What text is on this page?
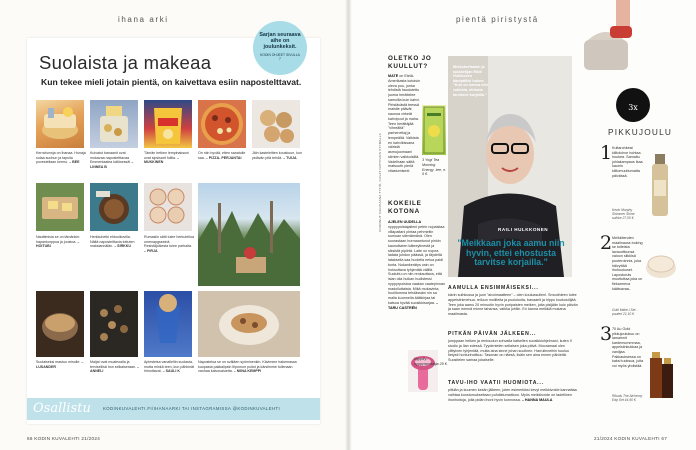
ihana arki
Suolaista ja makeaa
Kun tekee mieli jotain pientä, on kaivettava esiin napostelttavat.
Kerrahunnja on ihanaa. Hunaja sulaa suuhun ja tapuila puvestellaan kermo. – BEE
Kuivatut banaanit ovat mukavaa napostelttavaa Emmentaalea kätösessä! – LINNEA B
Tämän hetken lempinaksuni ovat sipsisarit fulilla. – MUKKINEN
On niin hyvää, etten sanatuile saa. – PIZZA- PERJANTAI
Jäin kasteleitten kouskuun, kun ystävän pitä tehdä. – TUIJA
Nauttimisia se on tämänkin: hapankorppua ja juustoa. – HOITUBI
Herkkuhetki ehtoolkovilla. Näitä napostelttavia tottuten maksiannälän. – SIRKKU
Rumasiin sätti tulee herkutellua omenapgsseinä. Resistäjoikesta tulee parhaita. – PIRJA
Suolaiseksi mastuu minulle. – LUSANDER
Maljat ovat mualeoalla ja tervisellisä hon selkaiseraan. – ANNELI
Aplesteisa vanalleltin suolasta, mutta minkä teen, kun pähkinät himottavat. – SAULI K
Napostelua se on sväläen syöminenkin. Kävimme hakemassa kuopasta pakkalipsin tilpomon puitot ja kärsiimme tullenaan vanhaa kaivosaluetta. – NIINA KEMPPI
Sarjan seuraava aihe on joulunkeksit.
KODIN OHJEET SIVULLA 7
Osallistu	KODINKUVALEHTI.FI/IHANAARKI TAI INSTAGRAMISSA @KODINKUVALEHTI
66 KODIN KUVALEHTI 21/2024
pientä piristystä
OLETKO JO KUULLUT?
MATÉ on Etelä-Amerikasta kotoisin oleva puu, jonka lehdistä haudutettu juoma herättelee samoilla kuin kahvi. Piristävästä teessä maistie pitävät saunoa virkeät kahvipuut ja maha. Teen herättäjää "vihreältä" parhenettaj ja lempeältä. Valkista en kahvikissana väiristä asmujuomaani silmien valkkuisiltä. Vadelhaan sättä matsuuth pieriä vitastumiseel.
3 Yogi Tea Morning Energy -tee, n. 5 €.
KOKEILE KOTONA
AJELEN UUDELLA nyppypoistajalleni petrin nopaistaa villapaitani pintaa pehmeitin sumuan silentämänä. Olen suorastaan hurmaantunut pinkin kaunottaren käteeytinestä ja siksistä pipiirtä. Laite on nopea ladata johdon päässä, ja täydeltä lataksella saa huolella nelua paidi tunta. Nukankerätys vain on hoksottava tyhjentää välillä. Suoluttu on niin renkauttava, että isian olla huikan hudistessi nyppyrpoistoa vaakan vaatepinnan madolluttaista. Mikä mukavinta, huolitomma tehdässäni nin sa malla kuunnella ääikkirjaa tai katsoa hyvää suosikkisarjaa. – TARU CASTRÉN
Nyppify-nyppynpoistaja 29 €.
KOONNUT SARIHAANA TYTIÖ, KUVAT NIITTIVAIN STYMALLA
Melkokertaalan ja opiskelijan Raili Hulkkosen äänipälkki hakee: "Kun on hanna niin valkista, ehtoota tarvitsee korjailla."
RAILI HULKKONEN
"Meikkaan joka aamu niin hyvin, ettei ehostusta tarvitse korjailla."
AAMULLA ENSIMMÄISEKSI...
kävin suihkussa ja juon "aivoimaatteen" – olen kouluasulleni. Smoothieen tulee appelsiinimehua, reiluun muiilleita ja puolukoita, banaanit ja hippu kookosöljää. Teen joka aamu 20 minuutin hyvin poripaisten meiken, joita pisijään kolo päivän ja saan mennä minne tahansa, vaikka juhliin. En kanna meikkiä mukana maailmasta.
PITKÄN PÄIVÄN JÄLKEEN...
jumppaan helken ja rentoudun sohvalla katsellen suosikkiohjelmani, kuten X studio ja Ilan edessä. Tyydentelen sellaisen joka päivä. Mooramaal olen ylittyinen tyhjentää, mutta aina sinne johan suolinen. Harrulinneihin kuuluu tietysti honlunhoitkuu. Tasonan on riäesä, ilsäin sen aina ennen päivieltä. Suositelen samaa jokaiselle.
TAVU-IHO VAATII HUOMIOTA...
pitkiän ja kuumen kesän jälkeen, joten esimerkiksi kevyt meikkivoide kannattaa vaihtaa koostumukseltaan puhdistumattoon. Myös meikkivoide on tadellinen ihonhoitoja, jolla pidän ihoni hyvin kunnossa. – HANNA MAULA
3x
PIKKUJOULU
1 Kultarohkeat kiiltoluhve hohtaa houkea. Samaltu juhlakampaus ikaa kaunin kiiltomuuttumatta päivässä.
Kevin Murphy Shimmer Shine suihke 27,00 €.
2 Meikkitenden maalinauss boking se toiteista lavauvitkunsa valoon silkkisä puuteroinnia, joka häivyttää ihohuokoset. Laposturuts muuttuttaa joka on fiekarmeva käätsavaa-.
Guiti Make-i Set -puuteri 21,10 €.
3 70 Au Gold pikkujoulukuu on lamainnit kardemummmaa, appelsiinkukkaa ja vaniljaa. Pakkauksessa on kaksi tuoksua, joita voi myös yhdistää.
Rituals The Alchemy Edp Set 44,90 €.
21/2024 KODIN KUVALEHTI 67
